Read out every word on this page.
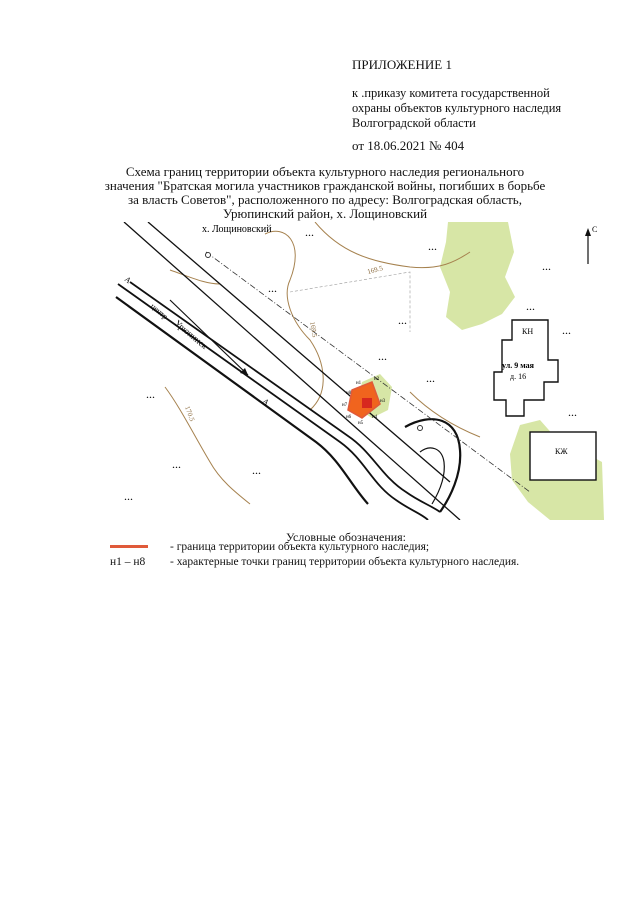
ПРИЛОЖЕНИЕ 1
к .приказу комитета государственной
охраны объектов культурного наследия
Волгоградской области
от 18.06.2021 № 404
Схема границ территории объекта культурного наследия регионального
значения "Братская могила участников гражданской войны, погибших в борьбе
за власть Советов", расположенного по адресу: Волгоградская область,
Урюпинский район, х. Лощиновский
х. Лощиновский	С
центр
Урюпинск
А
А
169.5
169.5
170.5
КН
КЖ
ул. 9 мая
д. 16
н1
н2
н3
н4
н5
н6
н7
н8
...
...
...
...
...
...
...
...
...
...
...
...	...
...
Условные обозначения:
- граница территории объекта культурного наследия;
н1 – н8 - характерные точки границ территории объекта культурного наследия.
